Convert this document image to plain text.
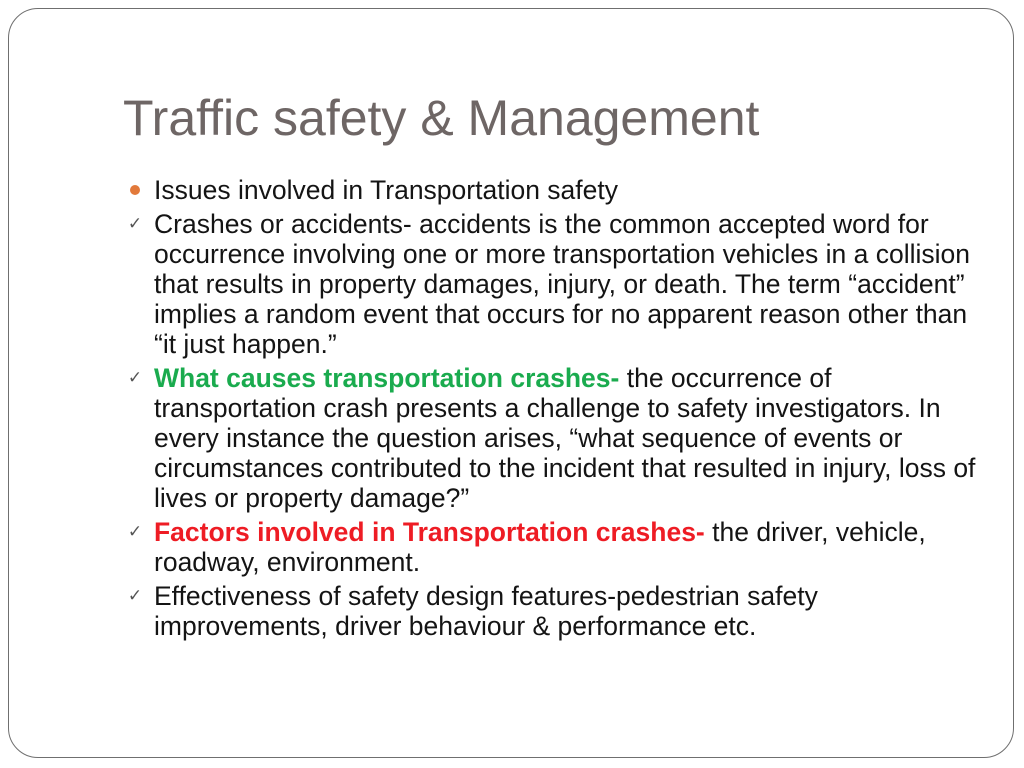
Traffic safety & Management
Issues involved in Transportation safety
✓ Crashes or accidents- accidents is the common accepted word for occurrence involving one or more transportation vehicles in a collision that results in property damages, injury, or death. The term “accident” implies a random event that occurs for no apparent reason other than “it just happen.”
✓ What causes transportation crashes- the occurrence of transportation crash presents a challenge to safety investigators. In every instance the question arises, “what sequence of events or circumstances contributed to the incident that resulted in injury, loss of lives or property damage?”
✓ Factors involved in Transportation crashes- the driver, vehicle, roadway, environment.
✓ Effectiveness of safety design features-pedestrian safety improvements, driver behaviour & performance etc.
